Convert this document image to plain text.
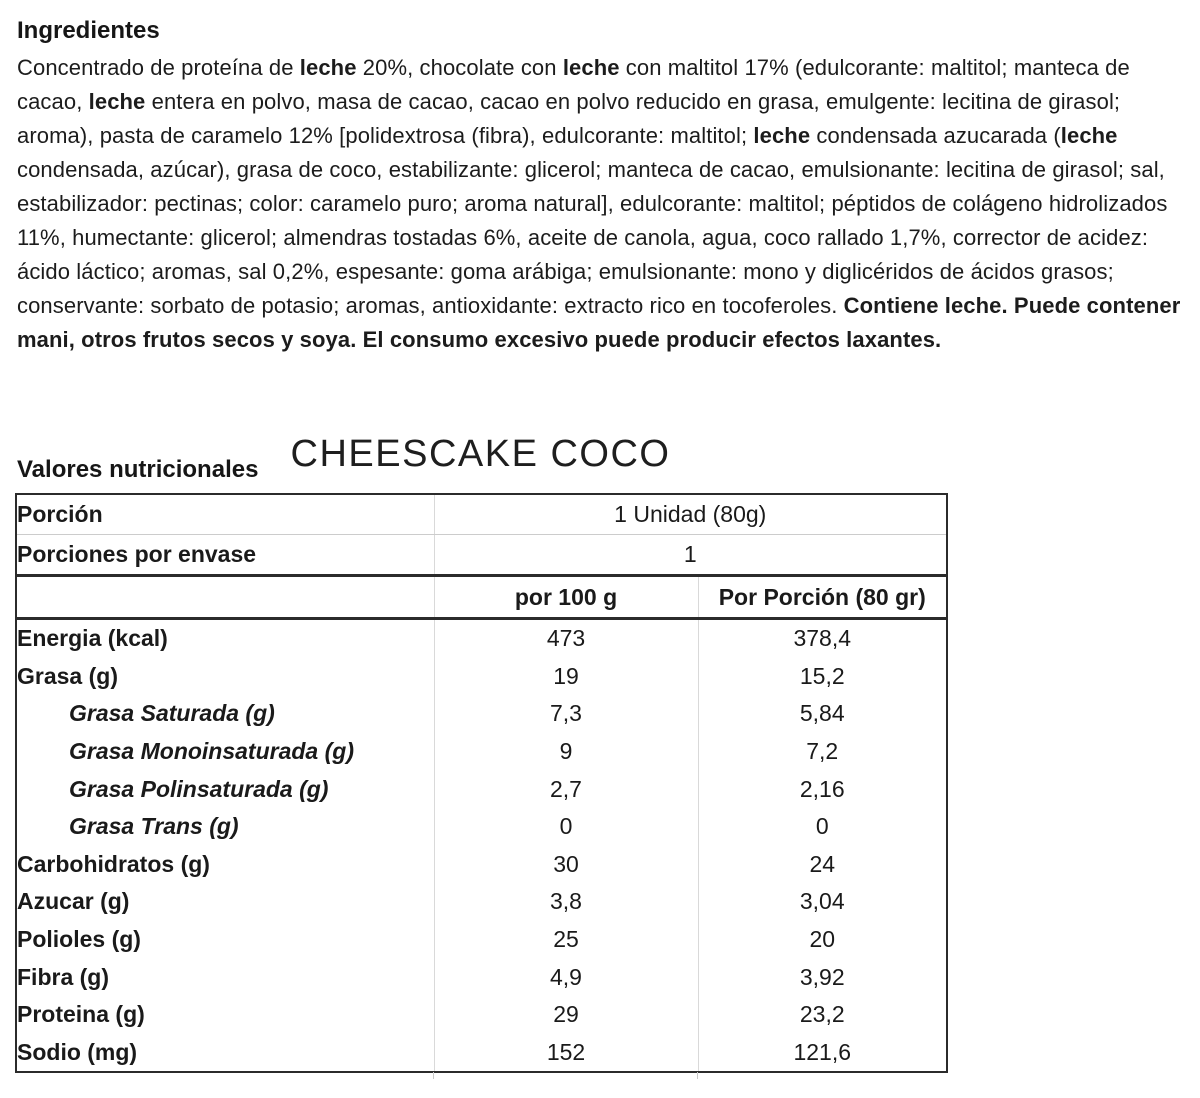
Ingredientes

Concentrado de proteína de leche 20%, chocolate con leche con maltitol 17% (edulcorante: maltitol; manteca de cacao, leche entera en polvo, masa de cacao, cacao en polvo reducido en grasa, emulgente: lecitina de girasol; aroma), pasta de caramelo 12% [polidextrosa (fibra), edulcorante: maltitol; leche condensada azucarada (leche condensada, azúcar), grasa de coco, estabilizante: glicerol; manteca de cacao, emulsionante: lecitina de girasol; sal, estabilizador: pectinas; color: caramelo puro; aroma natural], edulcorante: maltitol; péptidos de colágeno hidrolizados 11%, humectante: glicerol; almendras tostadas 6%, aceite de canola, agua, coco rallado 1,7%, corrector de acidez: ácido láctico; aromas, sal 0,2%, espesante: goma arábiga; emulsionante: mono y diglicéridos de ácidos grasos; conservante: sorbato de potasio; aromas, antioxidante: extracto rico en tocoferoles. Contiene leche. Puede contener mani, otros frutos secos y soya. El consumo excesivo puede producir efectos laxantes.

CHEESCAKE COCO
Valores nutricionales
Porción	1 Unidad (80g)	
Porciones por envase	1	
	por 100 g	Por Porción (80 gr)
Energia (kcal)	473	378,4
Grasa (g)	19	15,2
Grasa Saturada (g)	7,3	5,84
Grasa Monoinsaturada (g)	9	7,2
Grasa Polinsaturada (g)	2,7	2,16
Grasa Trans (g)	0	0
Carbohidratos (g)	30	24
Azucar (g)	3,8	3,04
Polioles (g)	25	20
Fibra (g)	4,9	3,92
Proteina (g)	29	23,2
Sodio (mg)	152	121,6
